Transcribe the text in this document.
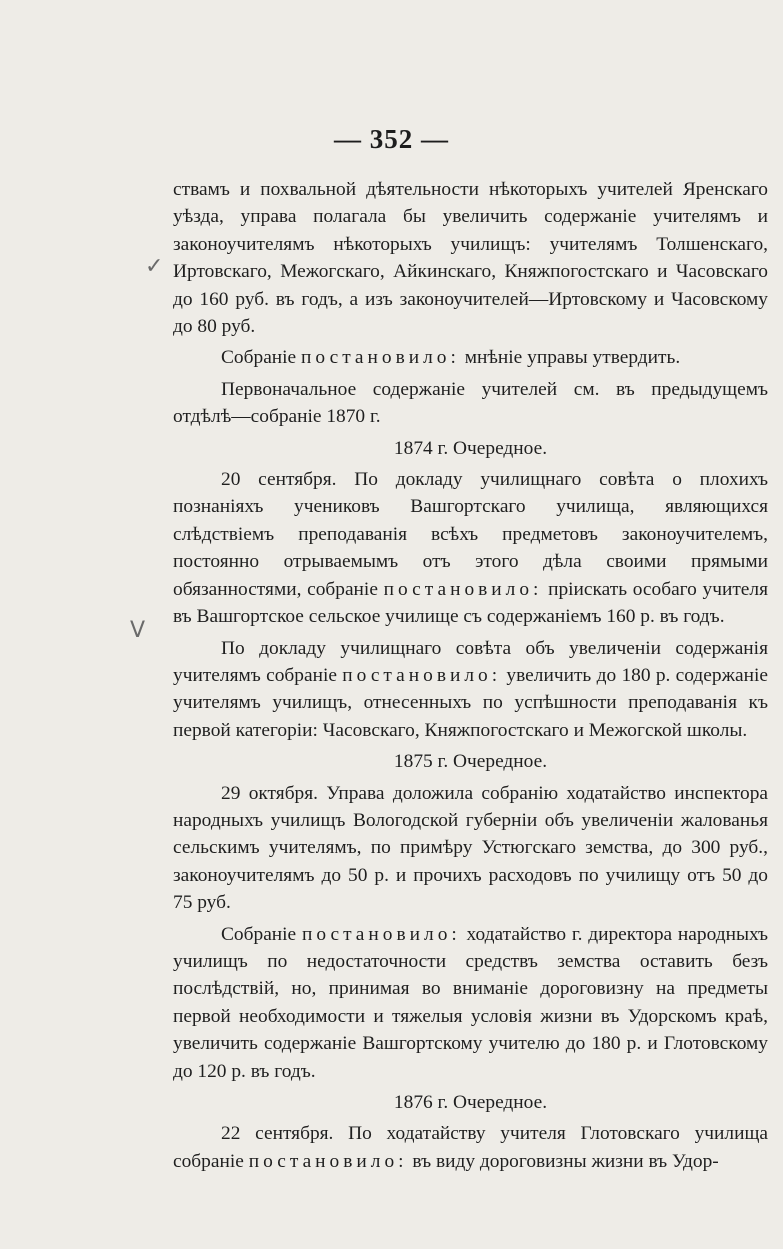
— 352 —
✓
V

ствамъ и похвальной дѣятельности нѣкоторыхъ учителей Яренскаго уѣзда, управа полагала бы увеличить содержаніе учителямъ и законоучителямъ нѣкоторыхъ училищъ: учителямъ Толшенскаго, Иртовскаго, Межогскаго, Айкинскаго, Княжпогостскаго и Часовскаго до 160 руб. въ годъ, а изъ законоучителей—Иртовскому и Часовскому до 80 руб.

Собраніе постановило: мнѣніе управы утвердить.

Первоначальное содержаніе учителей см. въ предыдущемъ отдѣлѣ—собраніе 1870 г.

1874 г. Очередное.

20 сентября. По докладу училищнаго совѣта о плохихъ познаніяхъ учениковъ Вашгортскаго училища, являющихся слѣдствіемъ преподаванія всѣхъ предметовъ законоучителемъ, постоянно отрываемымъ отъ этого дѣла своими прямыми обязанностями, собраніе постановило: пріискать особаго учителя въ Вашгортское сельское училище съ содержаніемъ 160 р. въ годъ.

По докладу училищнаго совѣта объ увеличеніи содержанія учителямъ собраніе постановило: увеличить до 180 р. содержаніе учителямъ училищъ, отнесенныхъ по успѣшности преподаванія къ первой категоріи: Часовскаго, Княжпогостскаго и Межогской школы.

1875 г. Очередное.

29 октября. Управа доложила собранію ходатайство инспектора народныхъ училищъ Вологодской губерніи объ увеличеніи жалованья сельскимъ учителямъ, по примѣру Устюгскаго земства, до 300 руб., законоучителямъ до 50 р. и прочихъ расходовъ по училищу отъ 50 до 75 руб.

Собраніе постановило: ходатайство г. директора народныхъ училищъ по недостаточности средствъ земства оставить безъ послѣдствій, но, принимая во вниманіе дороговизну на предметы первой необходимости и тяжелыя условія жизни въ Удорскомъ краѣ, увеличить содержаніе Вашгортскому учителю до 180 р. и Глотовскому до 120 р. въ годъ.

1876 г. Очередное.

22 сентября. По ходатайству учителя Глотовскаго училища собраніе постановило: въ виду дороговизны жизни въ Удор-
